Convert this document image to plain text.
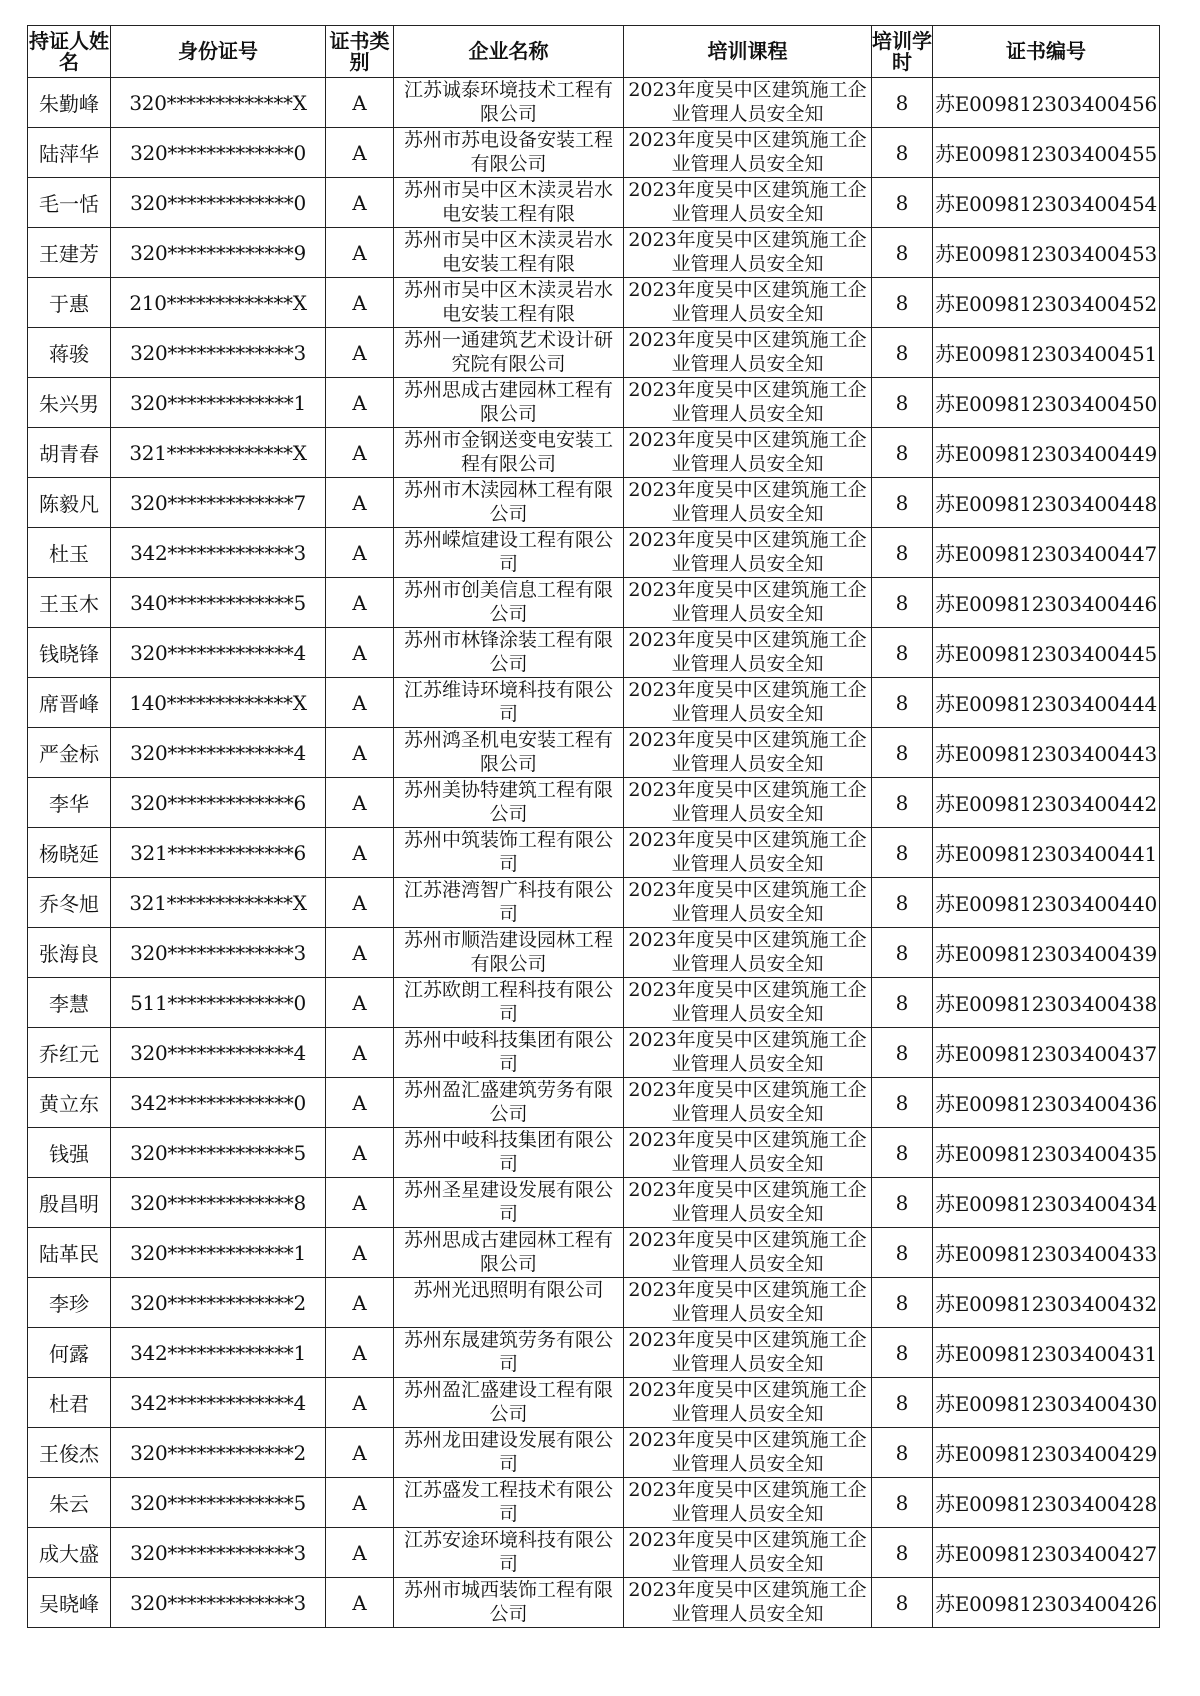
持证人姓名	身份证号	证书类别	企业名称	培训课程	培训学时	证书编号
朱勤峰	320*************X	A	江苏诚泰环境技术工程有限公司	2023年度吴中区建筑施工企业管理人员安全知	8	苏E009812303400456
陆萍华	320*************0	A	苏州市苏电设备安装工程有限公司	2023年度吴中区建筑施工企业管理人员安全知	8	苏E009812303400455
毛一恬	320*************0	A	苏州市吴中区木渎灵岩水电安装工程有限	2023年度吴中区建筑施工企业管理人员安全知	8	苏E009812303400454
王建芳	320*************9	A	苏州市吴中区木渎灵岩水电安装工程有限	2023年度吴中区建筑施工企业管理人员安全知	8	苏E009812303400453
于惠	210*************X	A	苏州市吴中区木渎灵岩水电安装工程有限	2023年度吴中区建筑施工企业管理人员安全知	8	苏E009812303400452
蒋骏	320*************3	A	苏州一通建筑艺术设计研究院有限公司	2023年度吴中区建筑施工企业管理人员安全知	8	苏E009812303400451
朱兴男	320*************1	A	苏州思成古建园林工程有限公司	2023年度吴中区建筑施工企业管理人员安全知	8	苏E009812303400450
胡青春	321*************X	A	苏州市金钢送变电安装工程有限公司	2023年度吴中区建筑施工企业管理人员安全知	8	苏E009812303400449
陈毅凡	320*************7	A	苏州市木渎园林工程有限公司	2023年度吴中区建筑施工企业管理人员安全知	8	苏E009812303400448
杜玉	342*************3	A	苏州嵘煊建设工程有限公司	2023年度吴中区建筑施工企业管理人员安全知	8	苏E009812303400447
王玉木	340*************5	A	苏州市创美信息工程有限公司	2023年度吴中区建筑施工企业管理人员安全知	8	苏E009812303400446
钱晓锋	320*************4	A	苏州市林锋涂装工程有限公司	2023年度吴中区建筑施工企业管理人员安全知	8	苏E009812303400445
席晋峰	140*************X	A	江苏维诗环境科技有限公司	2023年度吴中区建筑施工企业管理人员安全知	8	苏E009812303400444
严金标	320*************4	A	苏州鸿圣机电安装工程有限公司	2023年度吴中区建筑施工企业管理人员安全知	8	苏E009812303400443
李华	320*************6	A	苏州美协特建筑工程有限公司	2023年度吴中区建筑施工企业管理人员安全知	8	苏E009812303400442
杨晓延	321*************6	A	苏州中筑装饰工程有限公司	2023年度吴中区建筑施工企业管理人员安全知	8	苏E009812303400441
乔冬旭	321*************X	A	江苏港湾智广科技有限公司	2023年度吴中区建筑施工企业管理人员安全知	8	苏E009812303400440
张海良	320*************3	A	苏州市顺浩建设园林工程有限公司	2023年度吴中区建筑施工企业管理人员安全知	8	苏E009812303400439
李慧	511*************0	A	江苏欧朗工程科技有限公司	2023年度吴中区建筑施工企业管理人员安全知	8	苏E009812303400438
乔红元	320*************4	A	苏州中岐科技集团有限公司	2023年度吴中区建筑施工企业管理人员安全知	8	苏E009812303400437
黄立东	342*************0	A	苏州盈汇盛建筑劳务有限公司	2023年度吴中区建筑施工企业管理人员安全知	8	苏E009812303400436
钱强	320*************5	A	苏州中岐科技集团有限公司	2023年度吴中区建筑施工企业管理人员安全知	8	苏E009812303400435
殷昌明	320*************8	A	苏州圣星建设发展有限公司	2023年度吴中区建筑施工企业管理人员安全知	8	苏E009812303400434
陆革民	320*************1	A	苏州思成古建园林工程有限公司	2023年度吴中区建筑施工企业管理人员安全知	8	苏E009812303400433
李珍	320*************2	A	苏州光迅照明有限公司	2023年度吴中区建筑施工企业管理人员安全知	8	苏E009812303400432
何露	342*************1	A	苏州东晟建筑劳务有限公司	2023年度吴中区建筑施工企业管理人员安全知	8	苏E009812303400431
杜君	342*************4	A	苏州盈汇盛建设工程有限公司	2023年度吴中区建筑施工企业管理人员安全知	8	苏E009812303400430
王俊杰	320*************2	A	苏州龙田建设发展有限公司	2023年度吴中区建筑施工企业管理人员安全知	8	苏E009812303400429
朱云	320*************5	A	江苏盛发工程技术有限公司	2023年度吴中区建筑施工企业管理人员安全知	8	苏E009812303400428
成大盛	320*************3	A	江苏安途环境科技有限公司	2023年度吴中区建筑施工企业管理人员安全知	8	苏E009812303400427
吴晓峰	320*************3	A	苏州市城西装饰工程有限公司	2023年度吴中区建筑施工企业管理人员安全知	8	苏E009812303400426
